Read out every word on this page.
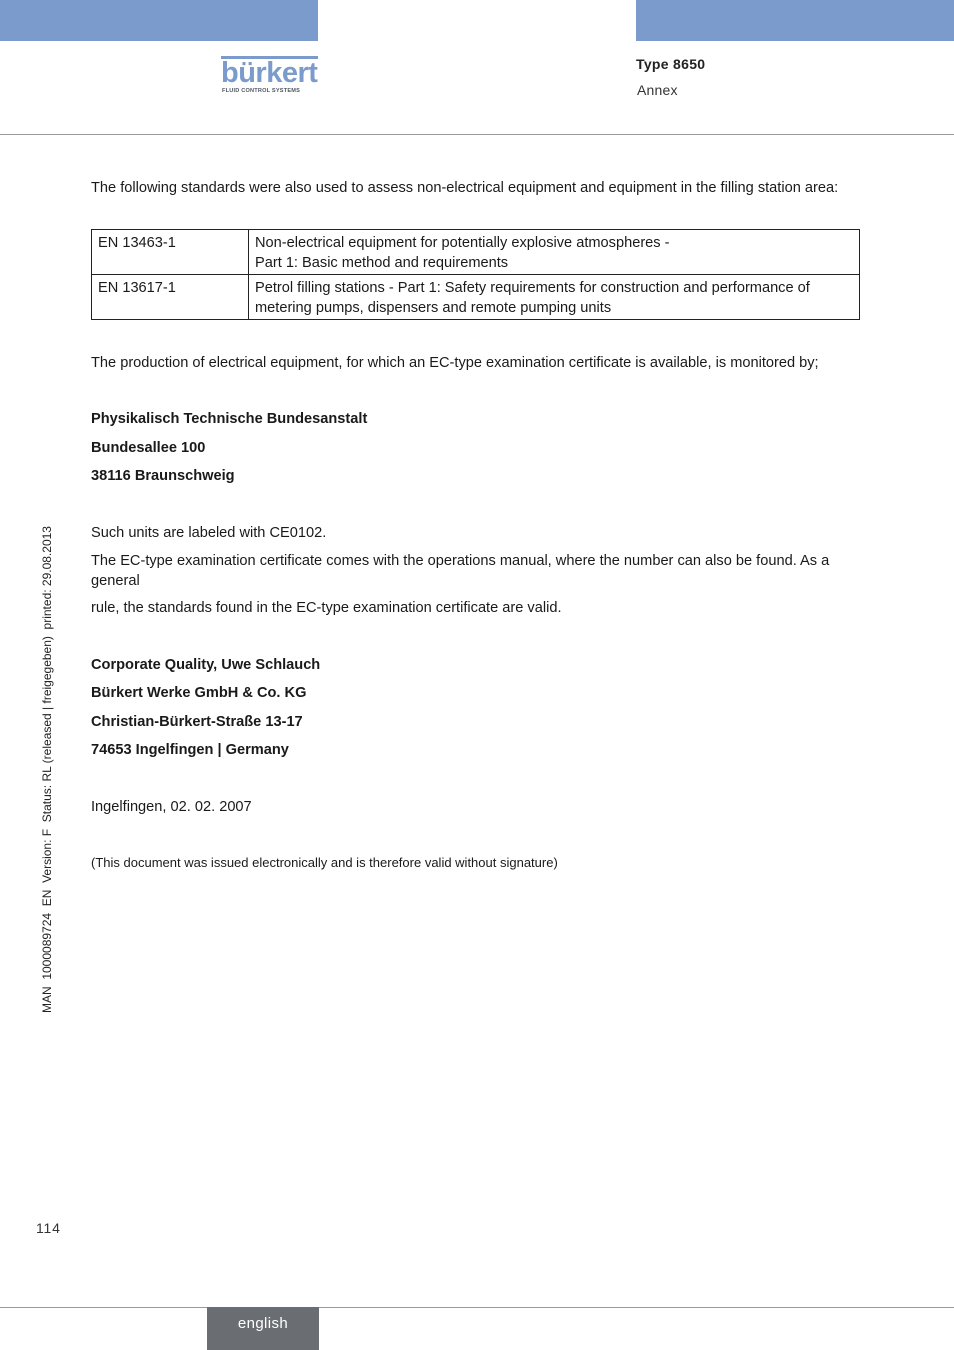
bürkert
FLUID CONTROL SYSTEMS
Type 8650
Annex
The following standards were also used to assess non-electrical equipment and equipment in the filling station area:
EN 13463-1	Non-electrical equipment for potentially explosive atmospheres -
Part 1: Basic method and requirements

EN 13617-1	Petrol filling stations - Part 1: Safety requirements for construction and performance of metering pumps, dispensers and remote pumping units
The production of electrical equipment, for which an EC-type examination certificate is available, is monitored by;
Physikalisch Technische Bundesanstalt
Bundesallee 100
38116 Braunschweig
Such units are labeled with CE0102.
The EC-type examination certificate comes with the operations manual, where the number can also be found. As a general
rule, the standards found in the EC-type examination certificate are valid.
Corporate Quality, Uwe Schlauch
Bürkert Werke GmbH & Co. KG
Christian-Bürkert-Straße 13-17
74653 Ingelfingen | Germany
Ingelfingen, 02. 02. 2007
(This document was issued electronically and is therefore valid without signature)
MAN  1000089724  EN  Version: F  Status: RL (released | freigegeben)  printed: 29.08.2013
114
english
